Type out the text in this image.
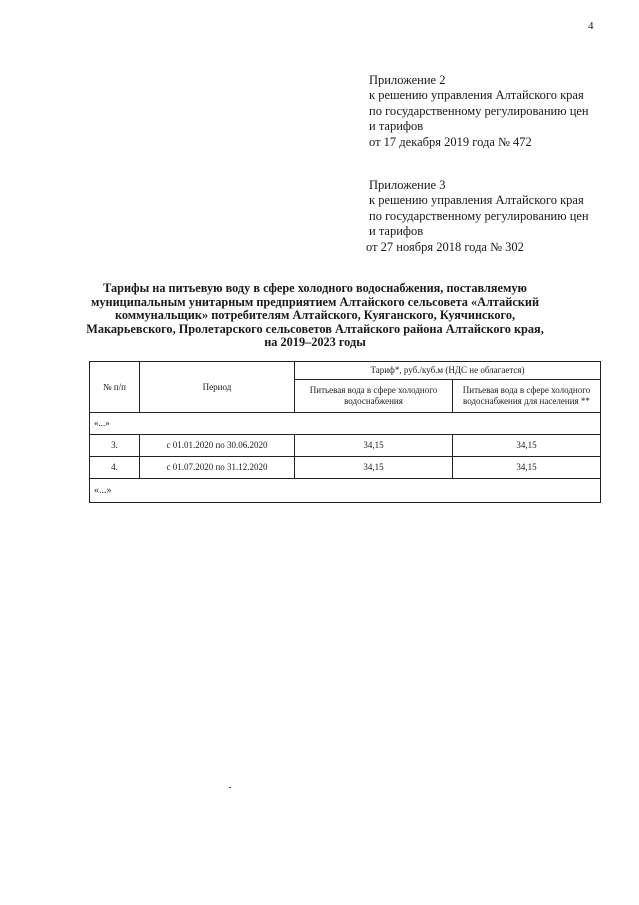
4
Приложение 2
к решению управления Алтайского края
по государственному регулированию цен
и тарифов
от 17 декабря 2019 года № 472
Приложение 3
к решению управления Алтайского края
по государственному регулированию цен
и тарифов
от 27 ноября 2018 года № 302
Тарифы на питьевую воду в сфере холодного водоснабжения, поставляемую
муниципальным унитарным предприятием Алтайского сельсовета «Алтайский
коммунальщик» потребителям Алтайского, Куяганского, Куячинского,
Макарьевского, Пролетарского сельсоветов Алтайского района Алтайского края,
на 2019–2023 годы
№ п/п	Период	Тариф*, руб./куб.м (НДС не облагается)	
		Питьевая вода в сфере холодного водоснабжения	Питьевая вода в сфере холодного водоснабжения для населения **
«...»			
3.	с 01.01.2020 по 30.06.2020	34,15	34,15
4.	с 01.07.2020 по 31.12.2020	34,15	34,15
«...»			
